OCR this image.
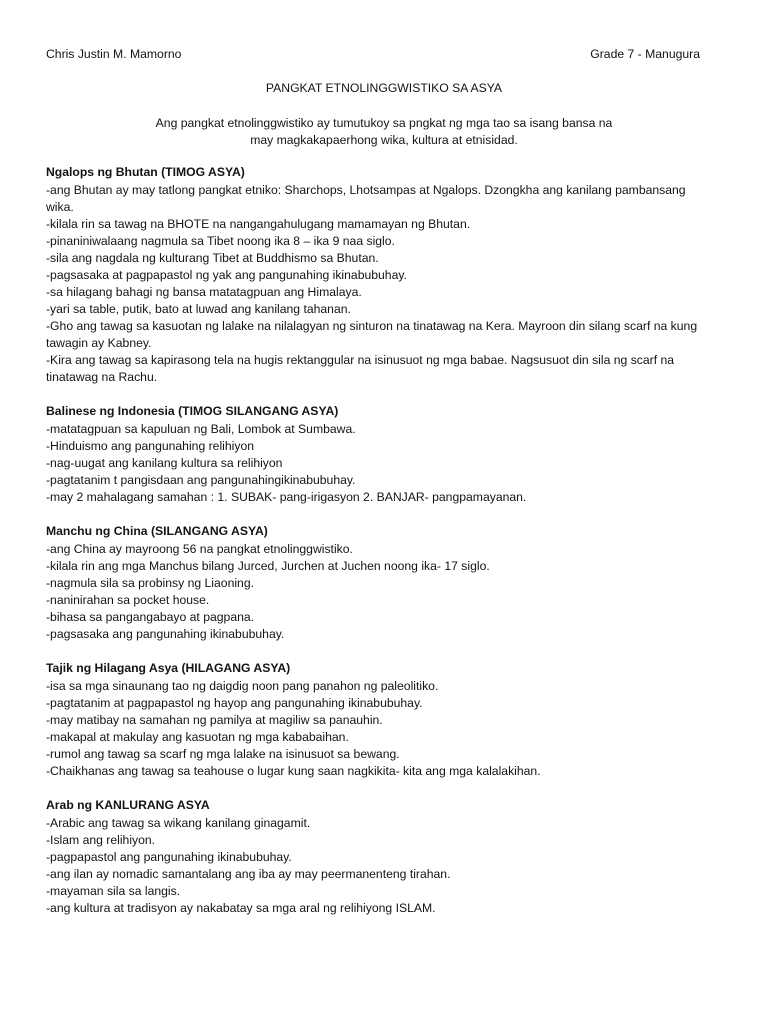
Chris Justin M. Mamorno	Grade 7 - Manugura
PANGKAT ETNOLINGGWISTIKO SA ASYA
Ang pangkat etnolinggwistiko ay tumutukoy sa pngkat ng mga tao sa isang bansa na
may magkakapaerhong wika, kultura at etnisidad.
Ngalops ng Bhutan (TIMOG ASYA)
-ang Bhutan ay may tatlong pangkat etniko: Sharchops, Lhotsampas at Ngalops. Dzongkha ang kanilang pambansang
wika.
-kilala rin sa tawag na BHOTE na nangangahulugang mamamayan ng Bhutan.
-pinaniniwalaang nagmula sa Tibet noong ika 8 – ika 9 naa siglo.
-sila ang nagdala ng kulturang Tibet at Buddhismo sa Bhutan.
-pagsasaka at pagpapastol ng yak ang pangunahing ikinabubuhay.
-sa hilagang bahagi ng bansa matatagpuan ang Himalaya.
-yari sa table, putik, bato at luwad ang kanilang tahanan.
-Gho ang tawag sa kasuotan ng lalake na nilalagyan ng sinturon na tinatawag na Kera. Mayroon din silang scarf na kung
tawagin ay Kabney.
-Kira ang tawag sa kapirasong tela na hugis rektanggular na isinusuot ng mga babae. Nagsusuot din sila ng scarf na
tinatawag na Rachu.
Balinese ng Indonesia (TIMOG SILANGANG ASYA)
-matatagpuan sa kapuluan ng Bali, Lombok at Sumbawa.
-Hinduismo ang pangunahing relihiyon
-nag-uugat ang kanilang kultura sa relihiyon
-pagtatanim t pangisdaan ang pangunahingikinabubuhay.
-may 2 mahalagang samahan : 1. SUBAK- pang-irigasyon 2. BANJAR- pangpamayanan.
Manchu ng China (SILANGANG ASYA)
-ang China ay mayroong 56 na pangkat etnolinggwistiko.
-kilala rin ang mga Manchus bilang Jurced, Jurchen at Juchen noong ika- 17 siglo.
-nagmula sila sa probinsy ng Liaoning.
-naninirahan sa pocket house.
-bihasa sa pangangabayo at pagpana.
-pagsasaka ang pangunahing ikinabubuhay.
Tajik ng Hilagang Asya (HILAGANG ASYA)
-isa sa mga sinaunang tao ng daigdig noon pang panahon ng paleolitiko.
-pagtatanim at pagpapastol ng hayop ang pangunahing ikinabubuhay.
-may matibay na samahan ng pamilya at magiliw sa panauhin.
-makapal at makulay ang kasuotan ng mga kababaihan.
-rumol ang tawag sa scarf ng mga lalake na isinusuot sa bewang.
-Chaikhanas ang tawag sa teahouse o lugar kung saan nagkikita- kita ang mga kalalakihan.
Arab ng KANLURANG ASYA
-Arabic ang tawag sa wikang kanilang ginagamit.
-Islam ang relihiyon.
-pagpapastol ang pangunahing ikinabubuhay.
-ang ilan ay nomadic samantalang ang iba ay may peermanenteng tirahan.
-mayaman sila sa langis.
-ang kultura at tradisyon ay nakabatay sa mga aral ng relihiyong ISLAM.
